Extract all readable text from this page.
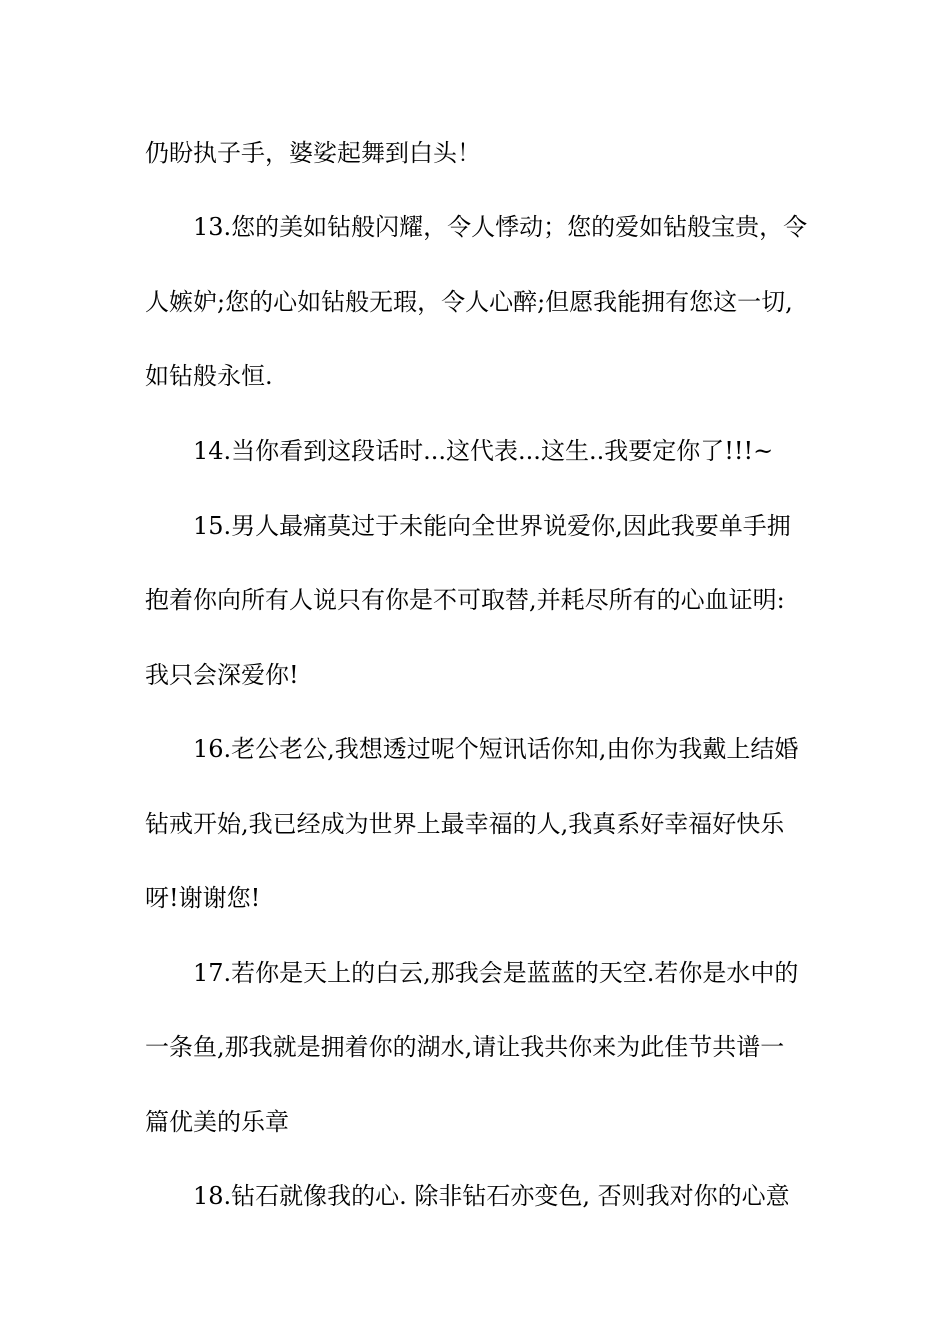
仍盼执子手，婆娑起舞到白头！
13.您的美如钻般闪耀，令人悸动；您的爱如钻般宝贵，令
人嫉妒;您的心如钻般无瑕，令人心醉;但愿我能拥有您这一切,
如钻般永恒.
14.当你看到这段话时...这代表...这生..我要定你了!!!~
15.男人最痛莫过于未能向全世界说爱你,因此我要单手拥
抱着你向所有人说只有你是不可取替,并耗尽所有的心血证明:
我只会深爱你!
16.老公老公,我想透过呢个短讯话你知,由你为我戴上结婚
钻戒开始,我已经成为世界上最幸福的人,我真系好幸福好快乐
呀!谢谢您!
17.若你是天上的白云,那我会是蓝蓝的天空.若你是水中的
一条鱼,那我就是拥着你的湖水,请让我共你来为此佳节共谱一
篇优美的乐章
18.钻石就像我的心. 除非钻石亦变色, 否则我对你的心意
